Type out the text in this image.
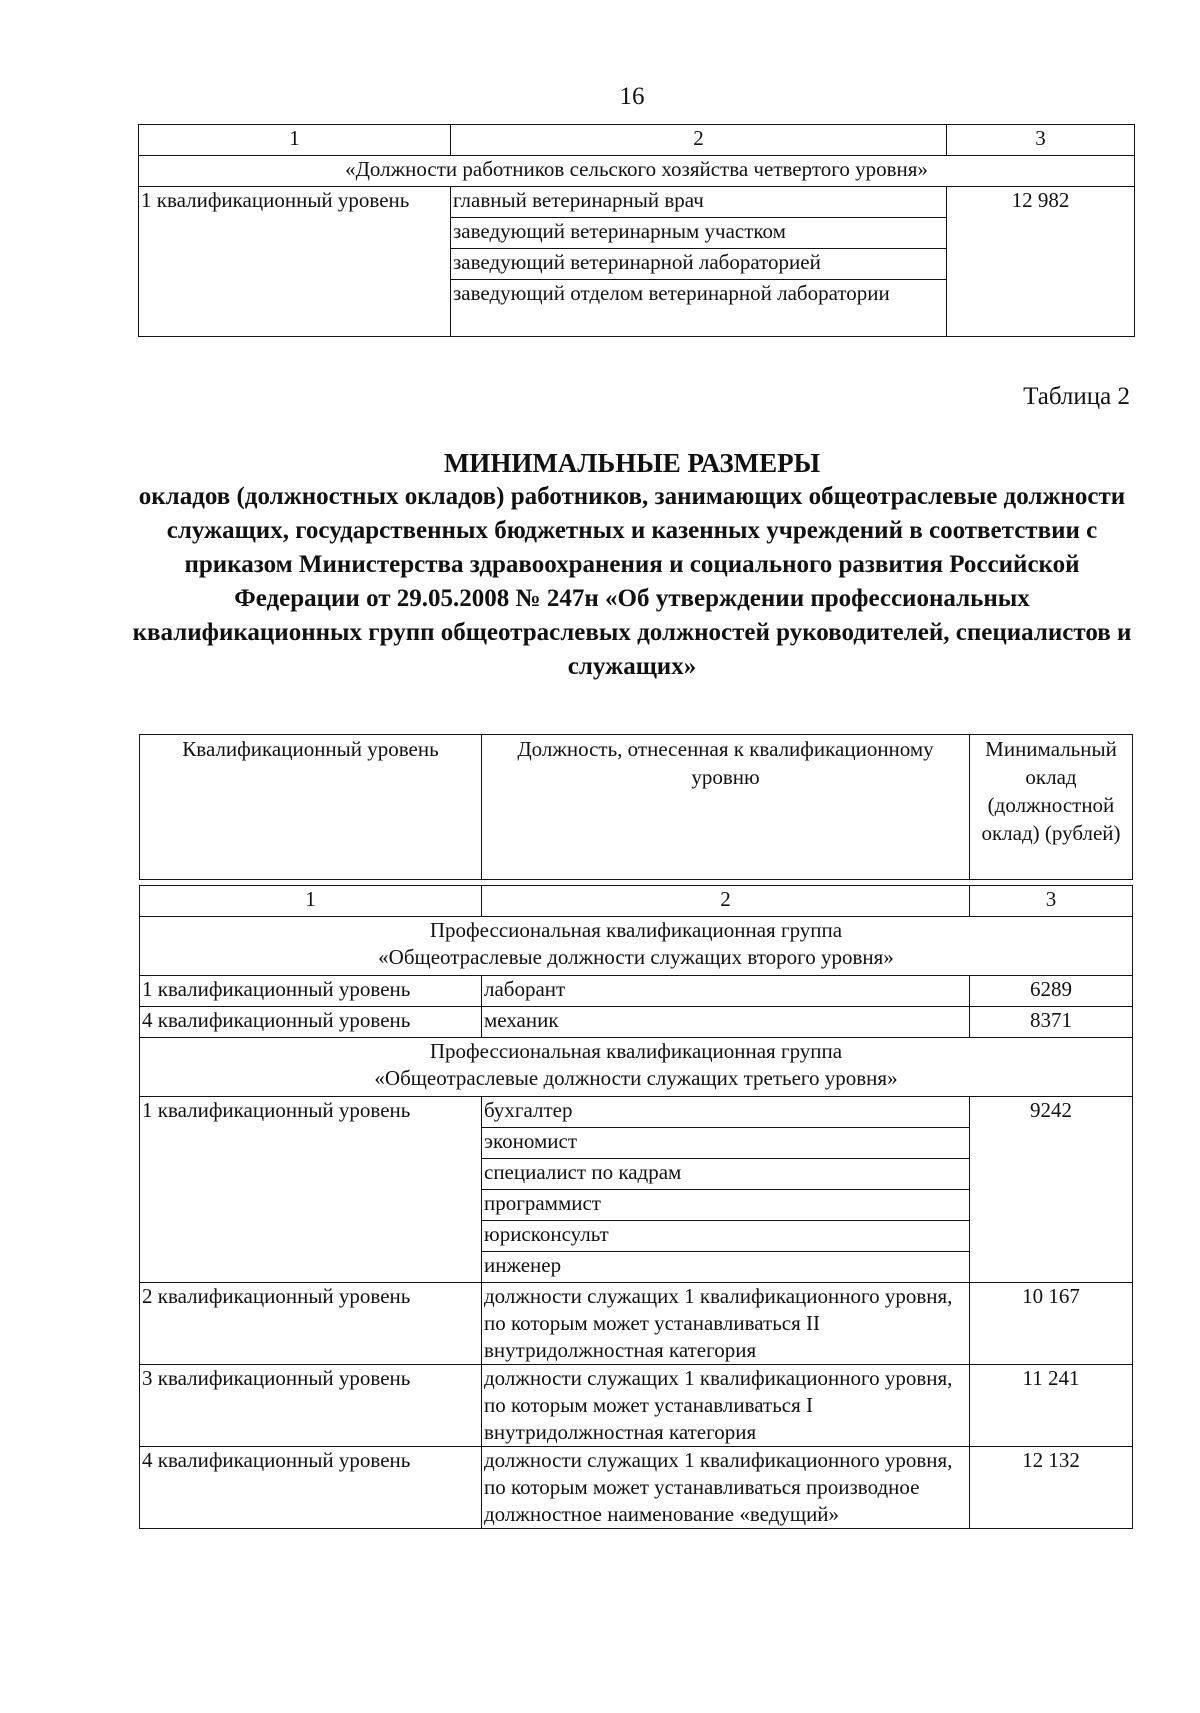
16
1	2	3
«Должности работников сельского хозяйства четвертого уровня»		
1 квалификационный уровень	главный ветеринарный врач	12 982
	заведующий ветеринарным участком	
	заведующий ветеринарной лабораторией	
	заведующий отделом ветеринарной лаборатории	
Таблица 2
МИНИМАЛЬНЫЕ РАЗМЕРЫ
окладов (должностных окладов) работников, занимающих общеотраслевые должности служащих, государственных бюджетных и казенных учреждений в соответствии с приказом Министерства здравоохранения и социального развития Российской Федерации от 29.05.2008 № 247н «Об утверждении профессиональных квалификационных групп общеотраслевых должностей руководителей, специалистов и служащих»
Квалификационный уровень	Должность, отнесенная к квалификационному уровню	Минимальный оклад (должностной оклад) (рублей)
1	2	3

Профессиональная квалификационная группа
«Общеотраслевые должности служащих второго уровня»		

1 квалификационный уровень	лаборант	6289
4 квалификационный уровень	механик	8371

Профессиональная квалификационная группа
«Общеотраслевые должности служащих третьего уровня»		

1 квалификационный уровень	бухгалтер	9242
	экономист	
	специалист по кадрам	
	программист	
	юрисконсульт	
	инженер	
2 квалификационный уровень	должности служащих 1 квалификационного уровня, по которым может устанавливаться II внутридолжностная категория	10 167
3 квалификационный уровень	должности служащих 1 квалификационного уровня, по которым может устанавливаться I внутридолжностная категория	11 241
4 квалификационный уровень	должности служащих 1 квалификационного уровня, по которым может устанавливаться производное должностное наименование «ведущий»	12 132
